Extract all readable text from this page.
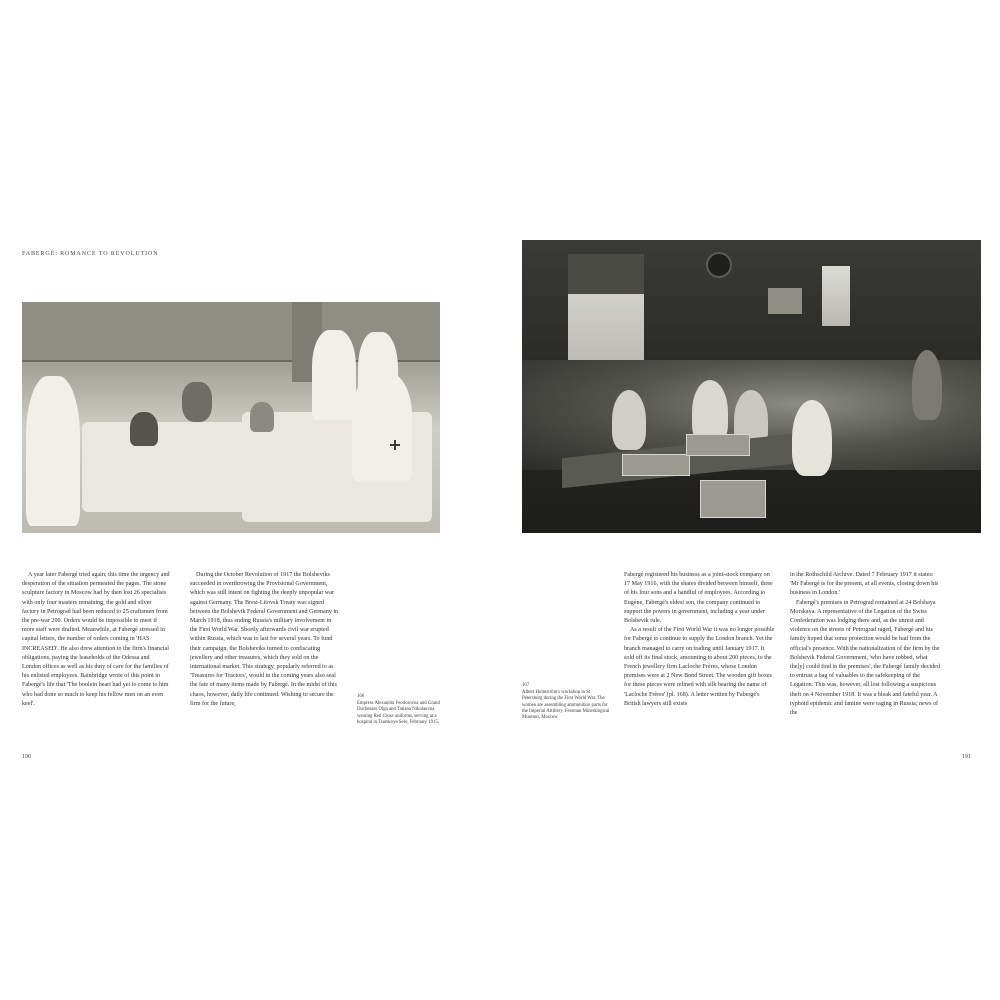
FABERGÉ: ROMANCE TO REVOLUTION

A year later Fabergé tried again; this time the urgency and desperation of the situation permeated the pages. The stone sculpture factory in Moscow had by then lost 26 specialists with only four masters remaining, the gold and silver factory in Petrograd had been reduced to 25 craftsmen from the pre-war 200. Orders would be impossible to meet if more staff were drafted. Meanwhile, at Fabergé stressed in capital letters, the number of orders coming in 'HAS INCREASED'. He also drew attention to the firm's financial obligations, paying the leaseholds of the Odessa and London offices as well as his duty of care for the families of his enlisted employees. Bainbridge wrote of this point in Fabergé's life that 'The boolein heart had yet to come to him who had done so much to keep his fellow men on an even keel'.

During the October Revolution of 1917 the Bolsheviks succeeded in overthrowing the Provisional Government, which was still intent on fighting the deeply unpopular war against Germany. The Brest-Litovsk Treaty was signed between the Bolshevik Federal Government and Germany in March 1918, thus ending Russia's military involvement in the First World War. Shortly afterwards civil war erupted within Russia, which was to last for several years. To fund their campaign, the Bolsheviks turned to confiscating jewellery and other treasures, which they sold on the international market. This strategy, popularly referred to as 'Treasures for Tractors', would in the coming years also seal the fate of many items made by Fabergé. In the midst of this chaos, however, daily life continued. Wishing to secure the firm for the future,

166
Empress Alexandra Feodorovna and Grand Duchesses Olga and Tatiana Nikolaevna wearing Red Cross uniforms, serving at a hospital in Tsarskoye Selo, February 1915.
190

Fabergé registered his business as a joint-stock company on 17 May 1916, with the shares divided between himself, three of his four sons and a handful of employees. According to Eugène, Fabergé's eldest son, the company continued to support the powers in government, including a year under Bolshevik rule.

As a result of the First World War it was no longer possible for Fabergé to continue to supply the London branch. Yet the branch managed to carry on trading until January 1917. It sold off its final stock, amounting to about 200 pieces, to the French jewellery firm Lacloche Frères, whose London premises were at 2 New Bond Street. The wooden gift boxes for these pieces were relined with silk bearing the name of 'Lacloche Frères' (pl. 168). A letter written by Fabergé's British lawyers still exists

in the Rothschild Archive. Dated 7 February 1917 it states: 'Mr Fabergé is for the present, at all events, closing down his business in London.'

Fabergé's premises in Petrograd remained at 24 Bolshaya Morskaya. A representative of the Legation of the Swiss Confederation was lodging there and, as the unrest and violence on the streets of Petrograd raged, Fabergé and his family hoped that some protection would be had from the official's presence. With the nationalization of the firm by the Bolshevik Federal Government, 'who have robbed, what the[y] could find in the premises', the Fabergé family decided to entrust a bag of valuables to the safekeeping of the Legation. This was, however, all lost following a suspicious theft on 4 November 1918. It was a bleak and fateful year. A typhoid epidemic and famine were raging in Russia; news of the

167
Albert Holmström's workshop in St Petersburg during the First World War. The women are assembling ammunition parts for the Imperial Artillery. Fersman Mineralogical Museum, Moscow
191
